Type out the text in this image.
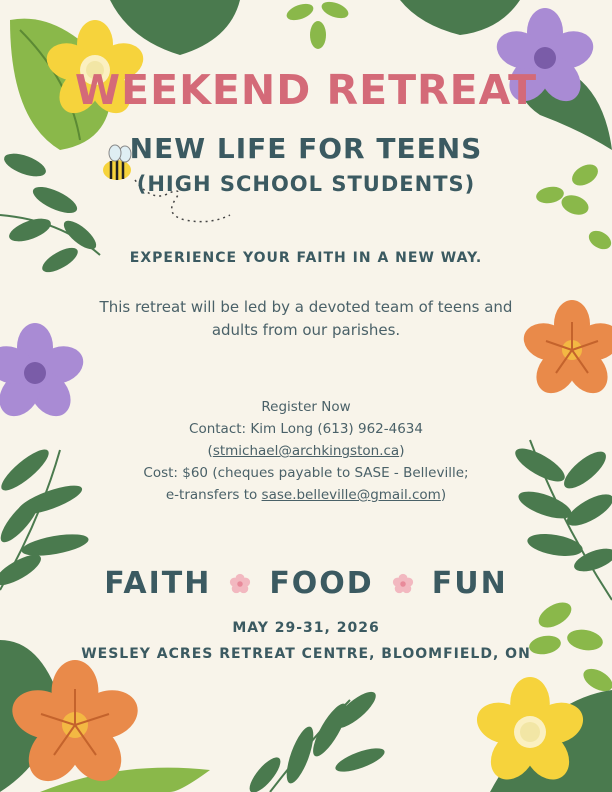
WEEKEND RETREAT
NEW LIFE FOR TEENS
(HIGH SCHOOL STUDENTS)
EXPERIENCE YOUR FAITH IN A NEW WAY.
This retreat will be led by a devoted team of teens and adults from our parishes.
Register Now
Contact: Kim Long (613) 962-4634
(stmichael@archkingston.ca)
Cost: $60 (cheques payable to SASE - Belleville;
e-transfers to sase.belleville@gmail.com)
FAITH FOOD FUN
MAY 29-31, 2026
WESLEY ACRES RETREAT CENTRE, BLOOMFIELD, ON
